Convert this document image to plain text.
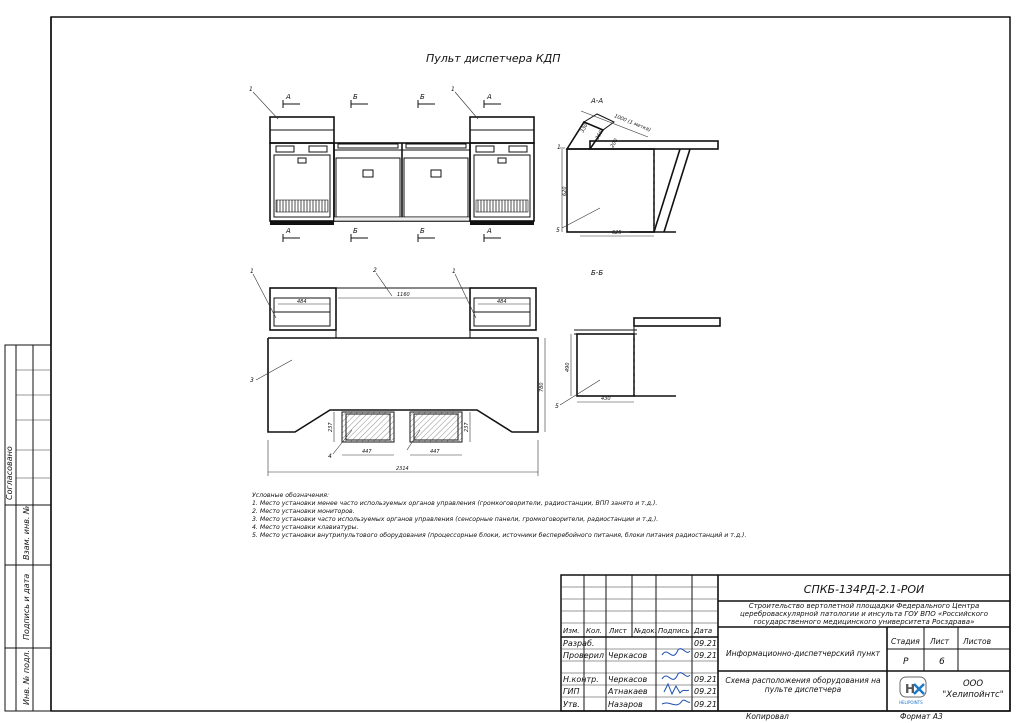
Согласовано
Взам. инв. №
Подпись и дата
Инв. № подл.
Пульт диспетчера КДП
А	Б	Б	А
А	Б	Б	А
1	1
А-А
1000 (1 метка)
330
360
200
620
625
1
5
484	484
1160
2314
780
237	237
447	447
1	2	1
3
4
Б-Б
490
430
5
Условные обозначения:
1. Место установки менее часто используемых органов управления (громкоговорители, радиостанции, ВПП занято и т.д.).
2. Место установки мониторов.
3. Место установки часто используемых органов управления (сенсорные панели, громкоговорители, радиостанции и т.д.).
4. Место установки клавиатуры.
5. Место установки внутрипультового оборудования (процессорные блоки, источники бесперебойного питания, блоки питания радиостанций и т.д.).
Изм. Кол. Лист №док. Подпись Дата
Разраб.	09.21
Проверил Черкасов	09.21
Н.контр. Черкасов	09.21
ГИП	Атнакаев	09.21
Утв.	Назаров	09.21
СПКБ-134РД-2.1-РОИ
Строительство вертолетной площадки Федерального Центра цереброваскулярной патологии и инсульта ГОУ ВПО «Российского государственного медицинского университета Росздрава»
Информационно-диспетчерский пункт
Схема расположения оборудования на пульте диспетчера
Стадия Лист Листов
Р	6
H
HELIPOINTS
ООО
"Хелипойнтс"
Копировал	Формат А3
